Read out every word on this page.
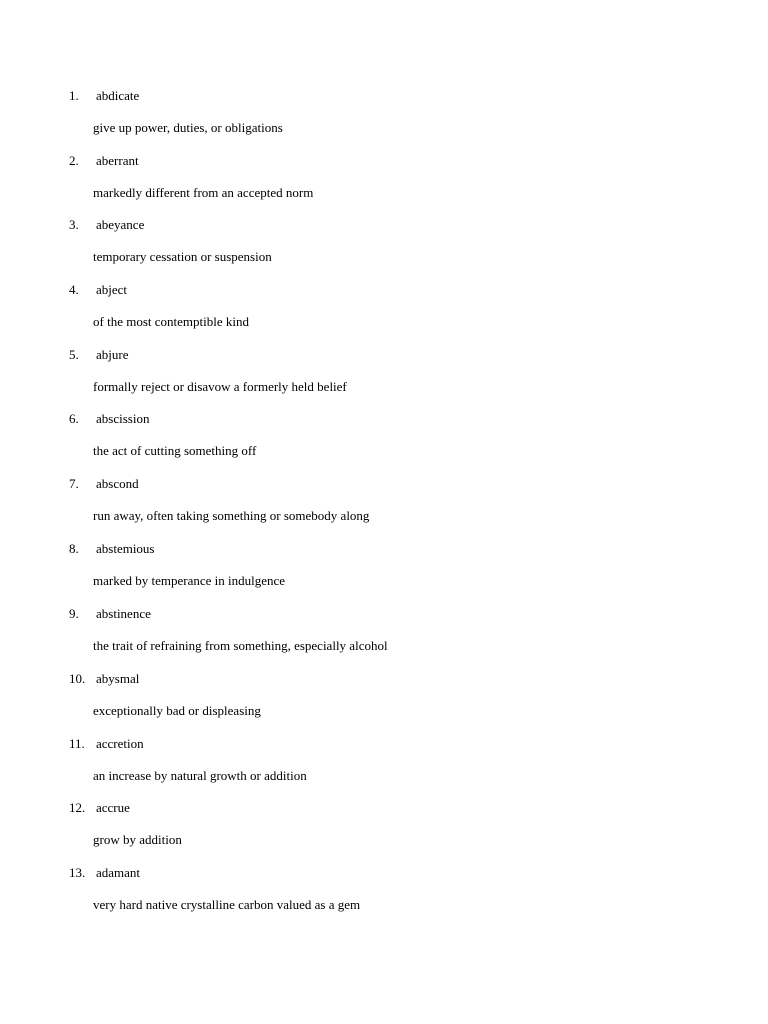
1. abdicate
give up power, duties, or obligations
2. aberrant
markedly different from an accepted norm
3. abeyance
temporary cessation or suspension
4. abject
of the most contemptible kind
5. abjure
formally reject or disavow a formerly held belief
6. abscission
the act of cutting something off
7. abscond
run away, often taking something or somebody along
8. abstemious
marked by temperance in indulgence
9. abstinence
the trait of refraining from something, especially alcohol
10. abysmal
exceptionally bad or displeasing
11. accretion
an increase by natural growth or addition
12. accrue
grow by addition
13. adamant
very hard native crystalline carbon valued as a gem
